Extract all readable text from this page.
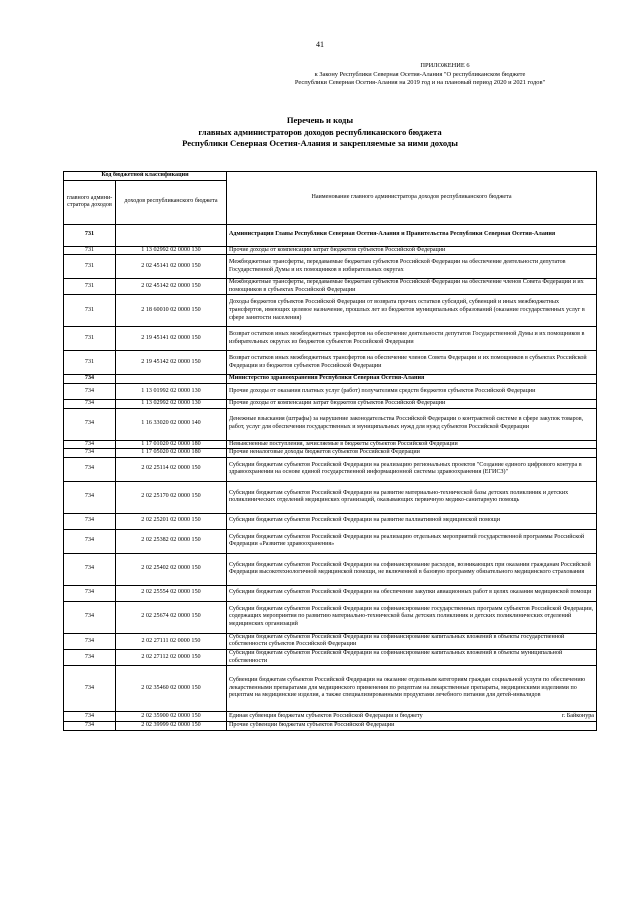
41
ПРИЛОЖЕНИЕ 6
к Закону Республики Северная Осетия-Алания "О республиканском бюджете
Республики Северная Осетия-Алания на 2019 год и на плановый период 2020 и 2021 годов"
Перечень и коды
главных администраторов доходов республиканского бюджета
Республики Северная Осетия-Алания и закрепляемые за ними доходы
Код бюджетной классификации		Наименование главного администратора доходов республиканского бюджета
главного админи-стратора доходов	доходов республиканского бюджета	
731		Администрация Главы Республики Северная Осетия-Алания и Правительства Республики Северная Осетия-Алания
731	1 13 02992 02 0000 130	Прочие доходы от компенсации затрат бюджетов субъектов Российской Федерации
731	2 02 45141 02 0000 150	Межбюджетные трансферты, передаваемые бюджетам субъектов Российской Федерации на обеспечение деятельности депутатов Государственной Думы и их помощников в избирательных округах
731	2 02 45142 02 0000 150	Межбюджетные трансферты, передаваемые бюджетам субъектов Российской Федерации на обеспечение членов Совета Федерации и их помощников в субъектах Российской Федерации
731	2 18 60010 02 0000 150	Доходы бюджетов субъектов Российской Федерации от возврата прочих остатков субсидий, субвенций и иных межбюджетных трансфертов, имеющих целевое назначение, прошлых лет из бюджетов муниципальных образований (оказание государственных услуг в сфере занятости населения)
731	2 19 45141 02 0000 150	Возврат остатков иных межбюджетных трансфертов на обеспечение деятельности депутатов Государственной Думы и их помощников в избирательных округах из бюджетов субъектов Российской Федерации
731	2 19 45142 02 0000 150	Возврат остатков иных межбюджетных трансфертов на обеспечение членов Совета Федерации и их помощников в субъектах Российской Федерации из бюджетов субъектов Российской Федерации
734		Министерство здравоохранения Республики Северная Осетия-Алания
734	1 13 01992 02 0000 130	Прочие доходы от оказания платных услуг (работ) получателями средств бюджетов субъектов Российской Федерации
734	1 13 02992 02 0000 130	Прочие доходы от компенсации затрат бюджетов субъектов Российской Федерации
734	1 16 33020 02 0000 140	Денежные взыскания (штрафы) за нарушение законодательства Российской Федерации о контрактной системе в сфере закупок товаров, работ, услуг для обеспечения государственных и муниципальных нужд для нужд субъектов Российской Федерации
734	1 17 01020 02 0000 180	Невыясненные поступления, зачисляемые в бюджеты субъектов Российской Федерации
734	1 17 05020 02 0000 180	Прочие неналоговые доходы бюджетов субъектов Российской Федерации
734	2 02 25114 02 0000 150	Субсидии бюджетам субъектов Российской Федерации на реализацию региональных проектов "Создание единого цифрового контура в здравоохранении на основе единой государственной информационной системы здравоохранения (ЕГИСЗ)"
734	2 02 25170 02 0000 150	Субсидии бюджетам субъектов Российской Федерации на развитие материально-технической базы детских поликлиник и детских поликлинических отделений медицинских организаций, оказывающих первичную медико-санитарную помощь
734	2 02 25201 02 0000 150	Субсидии бюджетам субъектов Российской Федерации на развитие паллиативной медицинской помощи
734	2 02 25382 02 0000 150	Субсидии бюджетам субъектов Российской Федерации на реализацию отдельных мероприятий государственной программы Российской Федерации «Развитие здравоохранения»
734	2 02 25402 02 0000 150	Субсидии бюджетам субъектов Российской Федерации на софинансирование расходов, возникающих при оказании гражданам Российской Федерации высокотехнологичной медицинской помощи, не включенной в базовую программу обязательного медицинского страхования
734	2 02 25554 02 0000 150	Субсидии бюджетам субъектов Российской Федерации на обеспечение закупки авиационных работ в целях оказания медицинской помощи
734	2 02 25674 02 0000 150	Субсидии бюджетам субъектов Российской Федерации на софинансирование государственных программ субъектов Российской Федерации, содержащих мероприятия по развитию материально-технической базы детских поликлиник и детских поликлинических отделений медицинских организаций
734	2 02 27111 02 0000 150	Субсидии бюджетам субъектов Российской Федерации на софинансирование капитальных вложений в объекты государственной собственности субъектов Российской Федерации
734	2 02 27112 02 0000 150	Субсидии бюджетам субъектов Российской Федерации на софинансирование капитальных вложений в объекты муниципальной собственности
734	2 02 35460 02 0000 150	Субвенции бюджетам субъектов Российской Федерации на оказание отдельным категориям граждан социальной услуги по обеспечению лекарственными препаратами для медицинского применения по рецептам на лекарственные препараты, медицинскими изделиями по рецептам на медицинские изделия, а также специализированными продуктами лечебного питания для детей-инвалидов
734	2 02 35900 02 0000 150	Единая субвенция бюджетам субъектов Российской Федерации и бюджету г. Байконура

734	2 02 39999 02 0000 150	Прочие субвенции бюджетам субъектов Российской Федерации
